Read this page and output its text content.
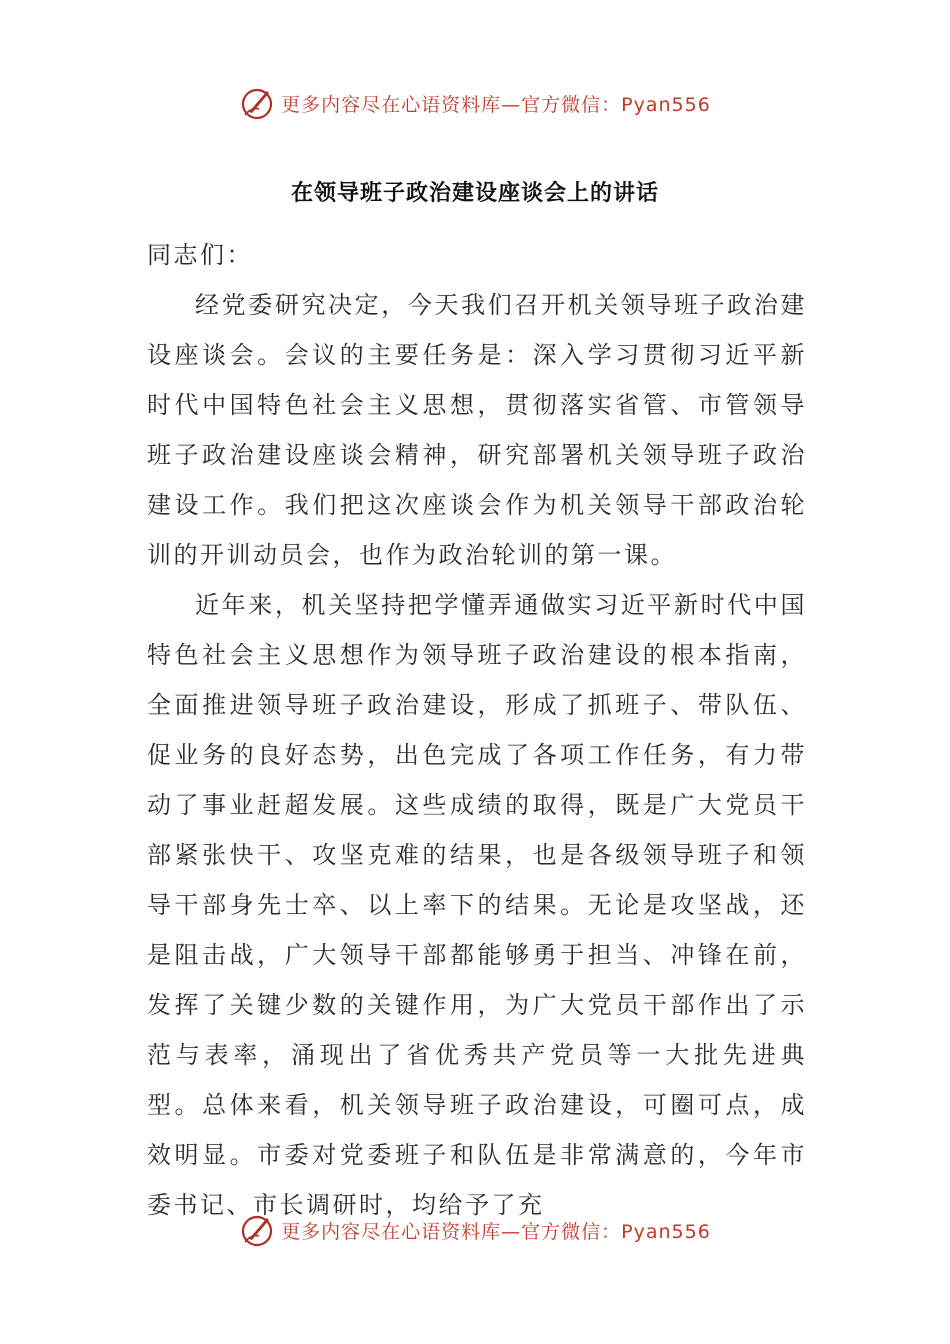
更多内容尽在心语资料库—官方微信：Pyan556
在领导班子政治建设座谈会上的讲话

同志们：

经党委研究决定，今天我们召开机关领导班子政治建设座谈会。会议的主要任务是：深入学习贯彻习近平新时代中国特色社会主义思想，贯彻落实省管、市管领导班子政治建设座谈会精神，研究部署机关领导班子政治建设工作。我们把这次座谈会作为机关领导干部政治轮训的开训动员会，也作为政治轮训的第一课。

近年来，机关坚持把学懂弄通做实习近平新时代中国特色社会主义思想作为领导班子政治建设的根本指南，全面推进领导班子政治建设，形成了抓班子、带队伍、促业务的良好态势，出色完成了各项工作任务，有力带动了事业赶超发展。这些成绩的取得，既是广大党员干部紧张快干、攻坚克难的结果，也是各级领导班子和领导干部身先士卒、以上率下的结果。无论是攻坚战，还是阻击战，广大领导干部都能够勇于担当、冲锋在前，发挥了关键少数的关键作用，为广大党员干部作出了示范与表率，涌现出了省优秀共产党员等一大批先进典型。总体来看，机关领导班子政治建设，可圈可点，成效明显。市委对党委班子和队伍是非常满意的，今年市委书记、市长调研时，均给予了充

更多内容尽在心语资料库—官方微信：Pyan556
